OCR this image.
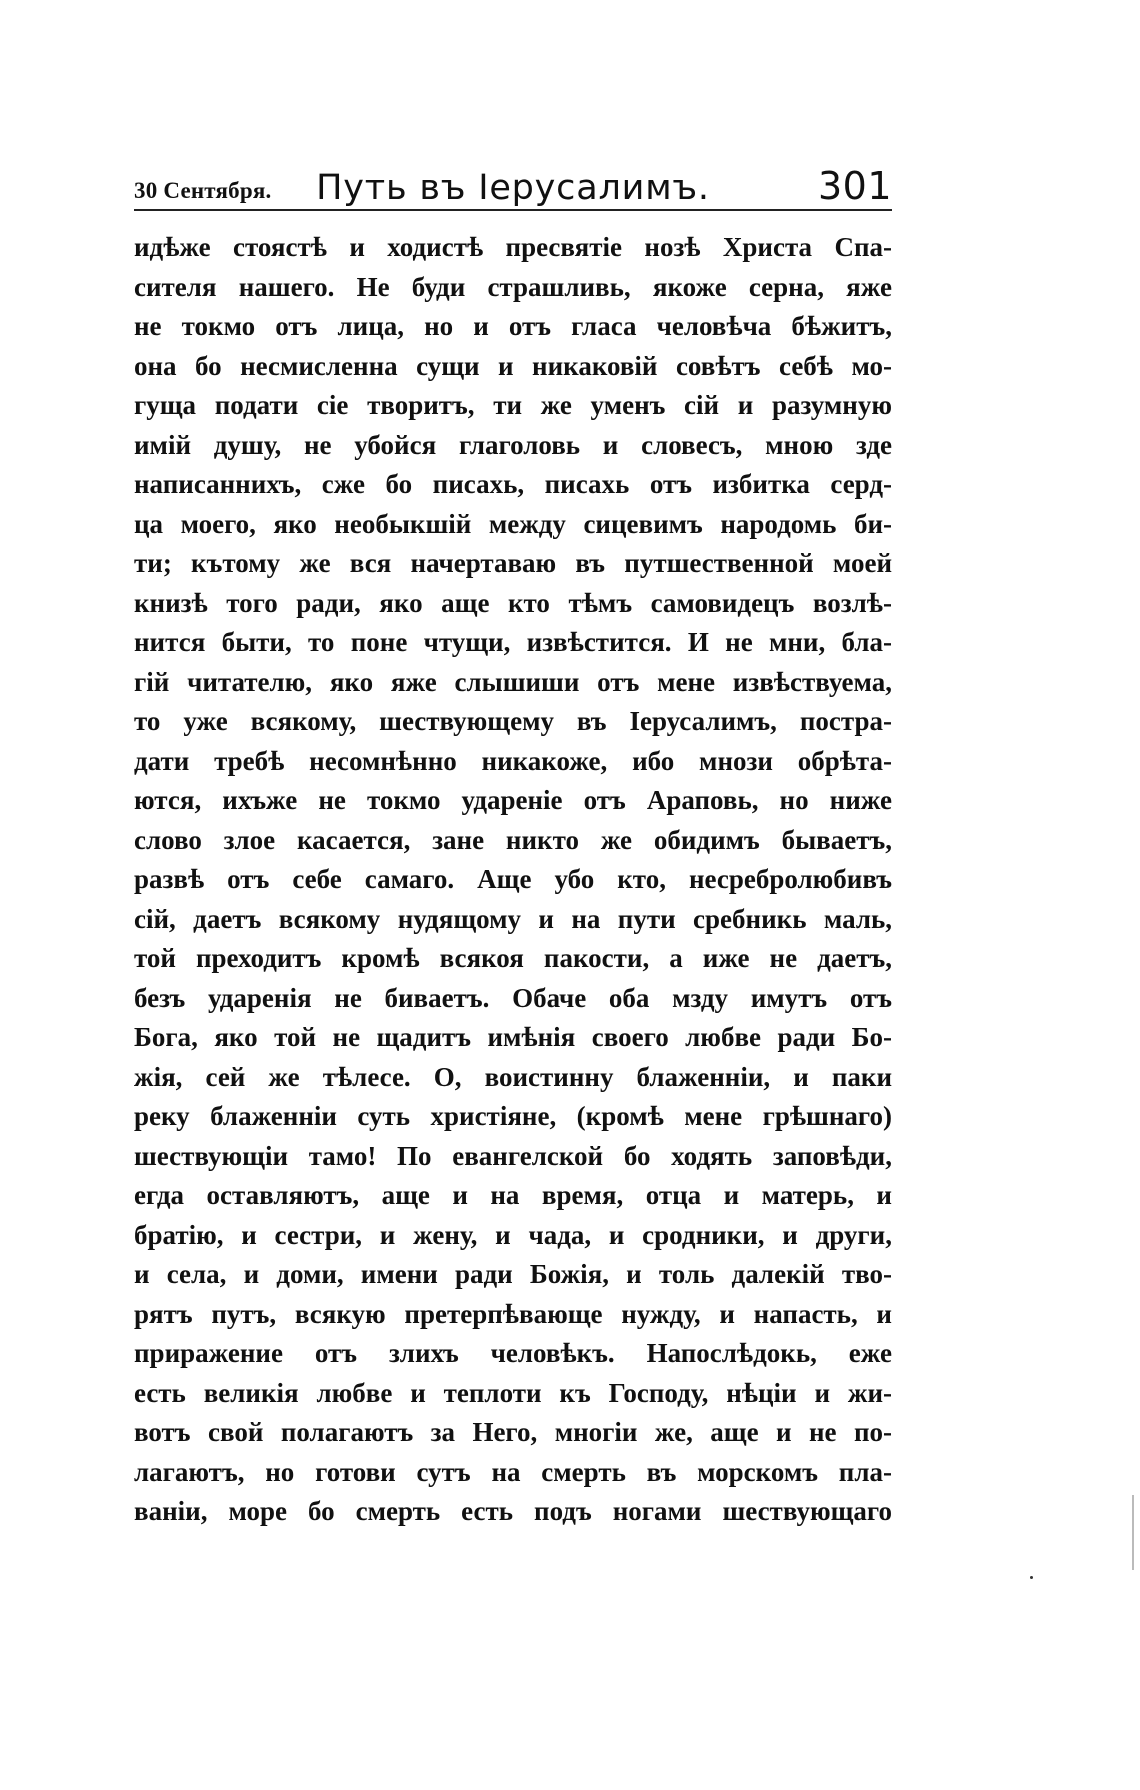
30 Сентября.	Путь въ Іерусалимъ.	301
идѣже стоястѣ и ходистѣ пресвятіе нозѣ Христа Спа-
сителя нашего. Не буди страшливь, якоже серна, яже
не токмо отъ лица, но и отъ гласа человѣча бѣжитъ,
она бо несмисленна сущи и никаковій совѣтъ себѣ мо-
гуща подати сіе творитъ, ти же уменъ сій и разумную
имій душу, не убойся глаголовь и словесъ, мною зде
написаннихъ, сже бо писахь, писахь отъ избитка серд-
ца моего, яко необыкшій между сицевимъ народомь би-
ти; кътому же вся начертаваю въ путшественной моей
книзѣ того ради, яко аще кто тѣмъ самовидецъ возлѣ-
нится быти, то поне чтущи, извѣстится. И не мни, бла-
гій читателю, яко яже слышиши отъ мене извѣствуема,
то уже всякому, шествующему въ Іерусалимъ, постра-
дати требѣ несомнѣнно никакоже, ибо мнози обрѣта-
ются, ихъже не токмо удареніе отъ Араповь, но ниже
слово злое касается, зане никто же обидимъ бываетъ,
развѣ отъ себе самаго. Аще убо кто, несребролюбивъ
сій, даетъ всякому нудящому и на пути сребникь маль,
той преходитъ кромѣ всякоя пакости, а иже не даетъ,
безъ ударенія не биваетъ. Обаче оба мзду имутъ отъ
Бога, яко той не щадитъ имѣнія своего любве ради Бо-
жія, сей же тѣлесе. О, воистинну блаженніи, и паки
реку блаженніи суть христіяне, (кромѣ мене грѣшнаго)
шествующіи тамо! По евангелской бо ходять заповѣди,
егда оставляютъ, аще и на время, отца и матерь, и
братію, и сестри, и жену, и чада, и сродники, и други,
и села, и доми, имени ради Божія, и толь далекій тво-
рятъ путъ, всякую претерпѣвающе нужду, и напасть, и
приражение отъ злихъ человѣкъ. Напослѣдокь, еже
есть великія любве и теплоти къ Господу, нѣціи и жи-
вотъ свой полагаютъ за Него, многіи же, аще и не по-
лагаютъ, но готови сутъ на смерть въ морскомъ пла-
ваніи, море бо смерть есть подъ ногами шествующаго
